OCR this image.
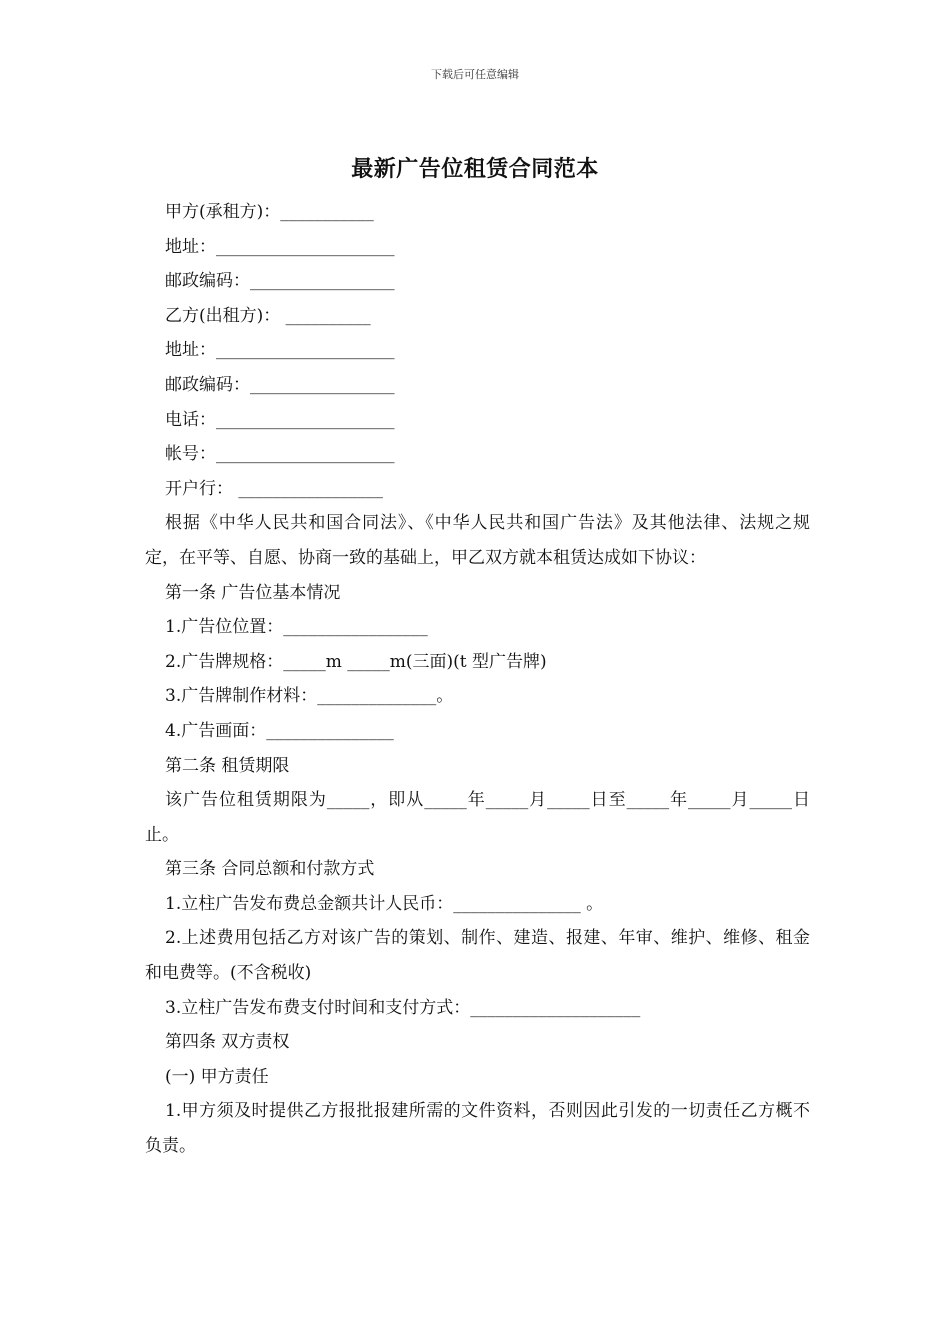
下载后可任意编辑
最新广告位租赁合同范本
甲方(承租方)：___________
地址：_____________________
邮政编码：_________________
乙方(出租方)： __________
地址：_____________________
邮政编码：_________________
电话：_____________________
帐号：_____________________
开户行： _________________
根据《中华人民共和国合同法》、《中华人民共和国广告法》及其他法律、法规之规定，在平等、自愿、协商一致的基础上，甲乙双方就本租赁达成如下协议：
第一条 广告位基本情况
1.广告位位置：_________________
2.广告牌规格：_____m _____m(三面)(t 型广告牌)
3.广告牌制作材料：______________。
4.广告画面：_______________
第二条 租赁期限
该广告位租赁期限为_____，即从_____年_____月_____日至_____年_____月_____日止。
第三条 合同总额和付款方式
1.立柱广告发布费总金额共计人民币：_______________ 。
2.上述费用包括乙方对该广告的策划、制作、建造、报建、年审、维护、维修、租金和电费等。(不含税收)
3.立柱广告发布费支付时间和支付方式：____________________
第四条 双方责权
(一) 甲方责任
1.甲方须及时提供乙方报批报建所需的文件资料，否则因此引发的一切责任乙方概不负责。
